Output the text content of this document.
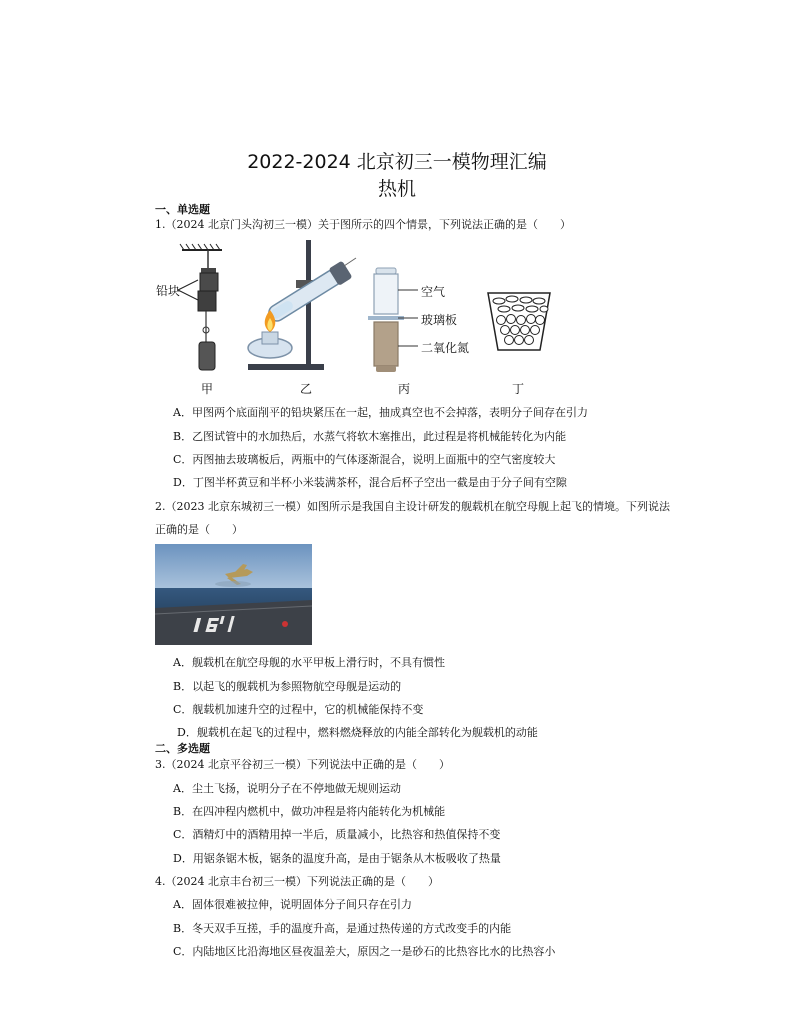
2022-2024 北京初三一模物理汇编
热机
一、单选题
1.（2024 北京门头沟初三一模）关于图所示的四个情景，下列说法正确的是（　　）
铅块	空气
玻璃板
二氧化氮
甲	乙	丙	丁
A．甲图两个底面削平的铅块紧压在一起，抽成真空也不会掉落，表明分子间存在引力
B．乙图试管中的水加热后，水蒸气将软木塞推出，此过程是将机械能转化为内能
C．丙图抽去玻璃板后，两瓶中的气体逐渐混合，说明上面瓶中的空气密度较大
D．丁图半杯黄豆和半杯小米装满茶杯，混合后杯子空出一截是由于分子间有空隙
2.（2023 北京东城初三一模）如图所示是我国自主设计研发的舰载机在航空母舰上起飞的情境。下列说法
正确的是（　　）
A．舰载机在航空母舰的水平甲板上滑行时，不具有惯性
B．以起飞的舰载机为参照物航空母舰是运动的
C．舰载机加速升空的过程中，它的机械能保持不变
D．舰载机在起飞的过程中，燃料燃烧释放的内能全部转化为舰载机的动能
二、多选题
3.（2024 北京平谷初三一模）下列说法中正确的是（　　）
A．尘土飞扬，说明分子在不停地做无规则运动
B．在四冲程内燃机中，做功冲程是将内能转化为机械能
C．酒精灯中的酒精用掉一半后，质量减小，比热容和热值保持不变
D．用锯条锯木板，锯条的温度升高，是由于锯条从木板吸收了热量
4.（2024 北京丰台初三一模）下列说法正确的是（　　）
A．固体很难被拉伸，说明固体分子间只存在引力
B．冬天双手互搓，手的温度升高，是通过热传递的方式改变手的内能
C．内陆地区比沿海地区昼夜温差大，原因之一是砂石的比热容比水的比热容小
